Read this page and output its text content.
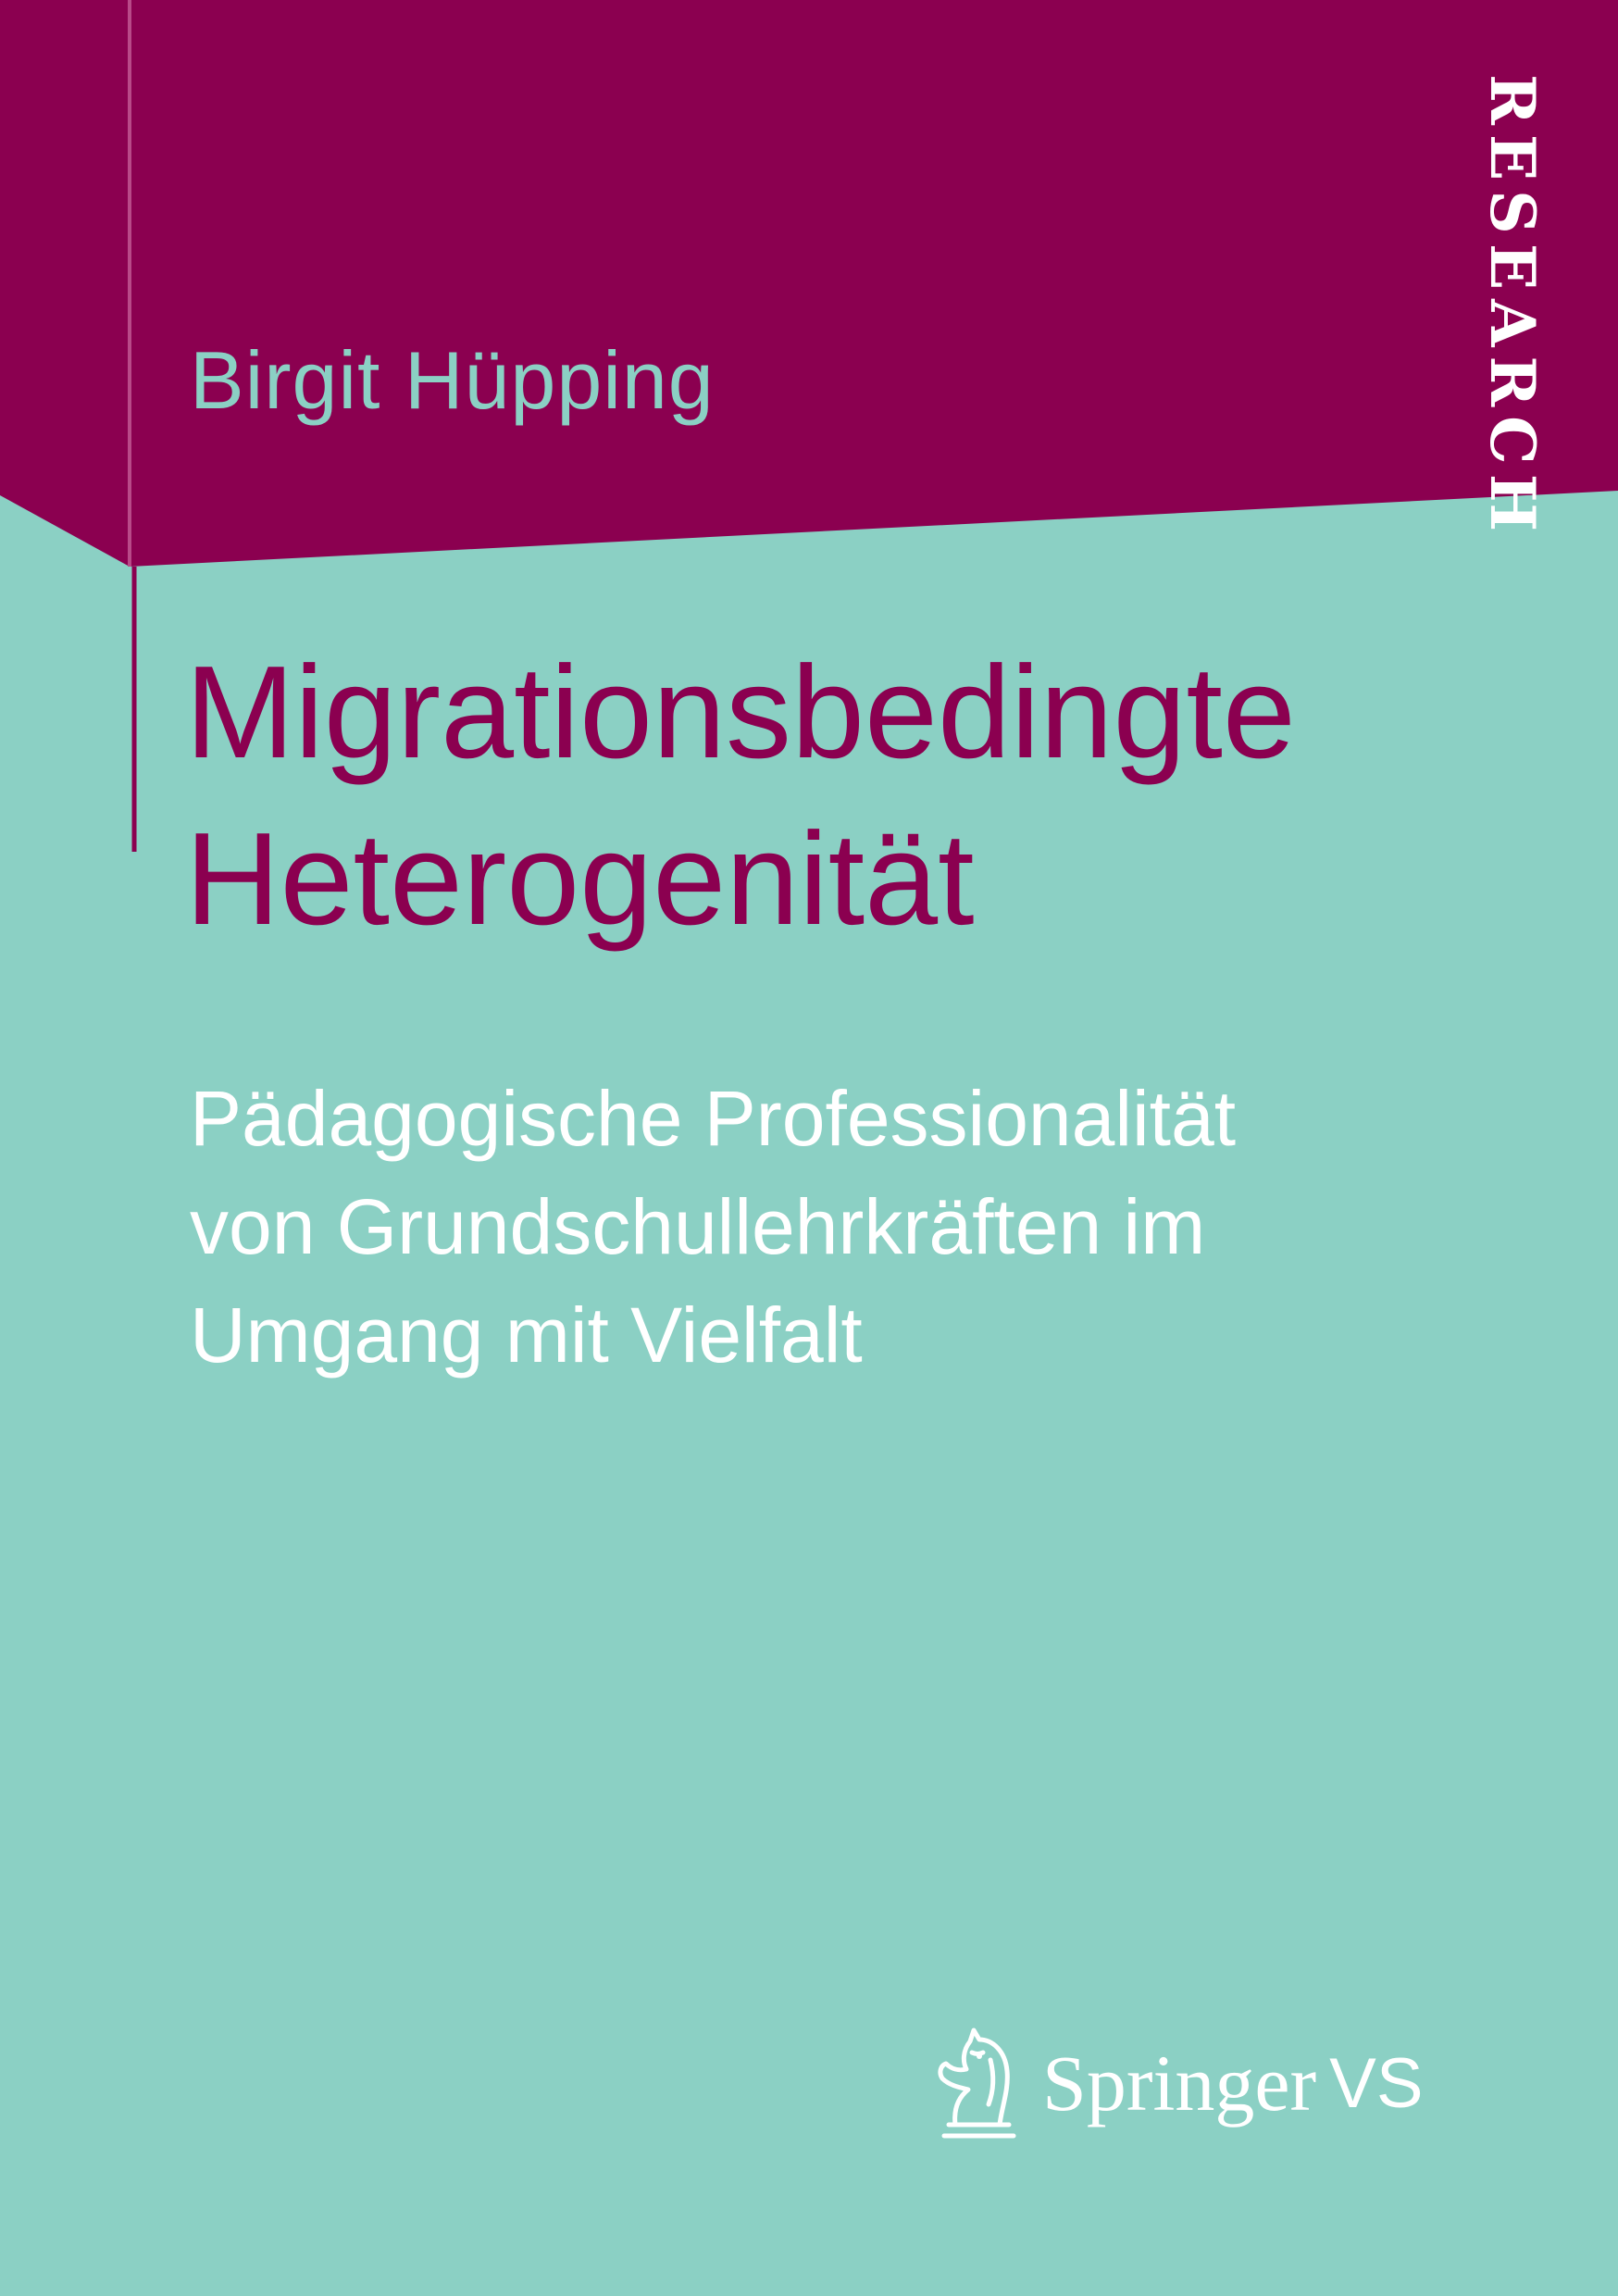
Birgit Hüpping	RESEARCH
Migrationsbedingte
Heterogenität
Pädagogische Professionalität
von Grundschullehrkräften im
Umgang mit Vielfalt
Springer VS
